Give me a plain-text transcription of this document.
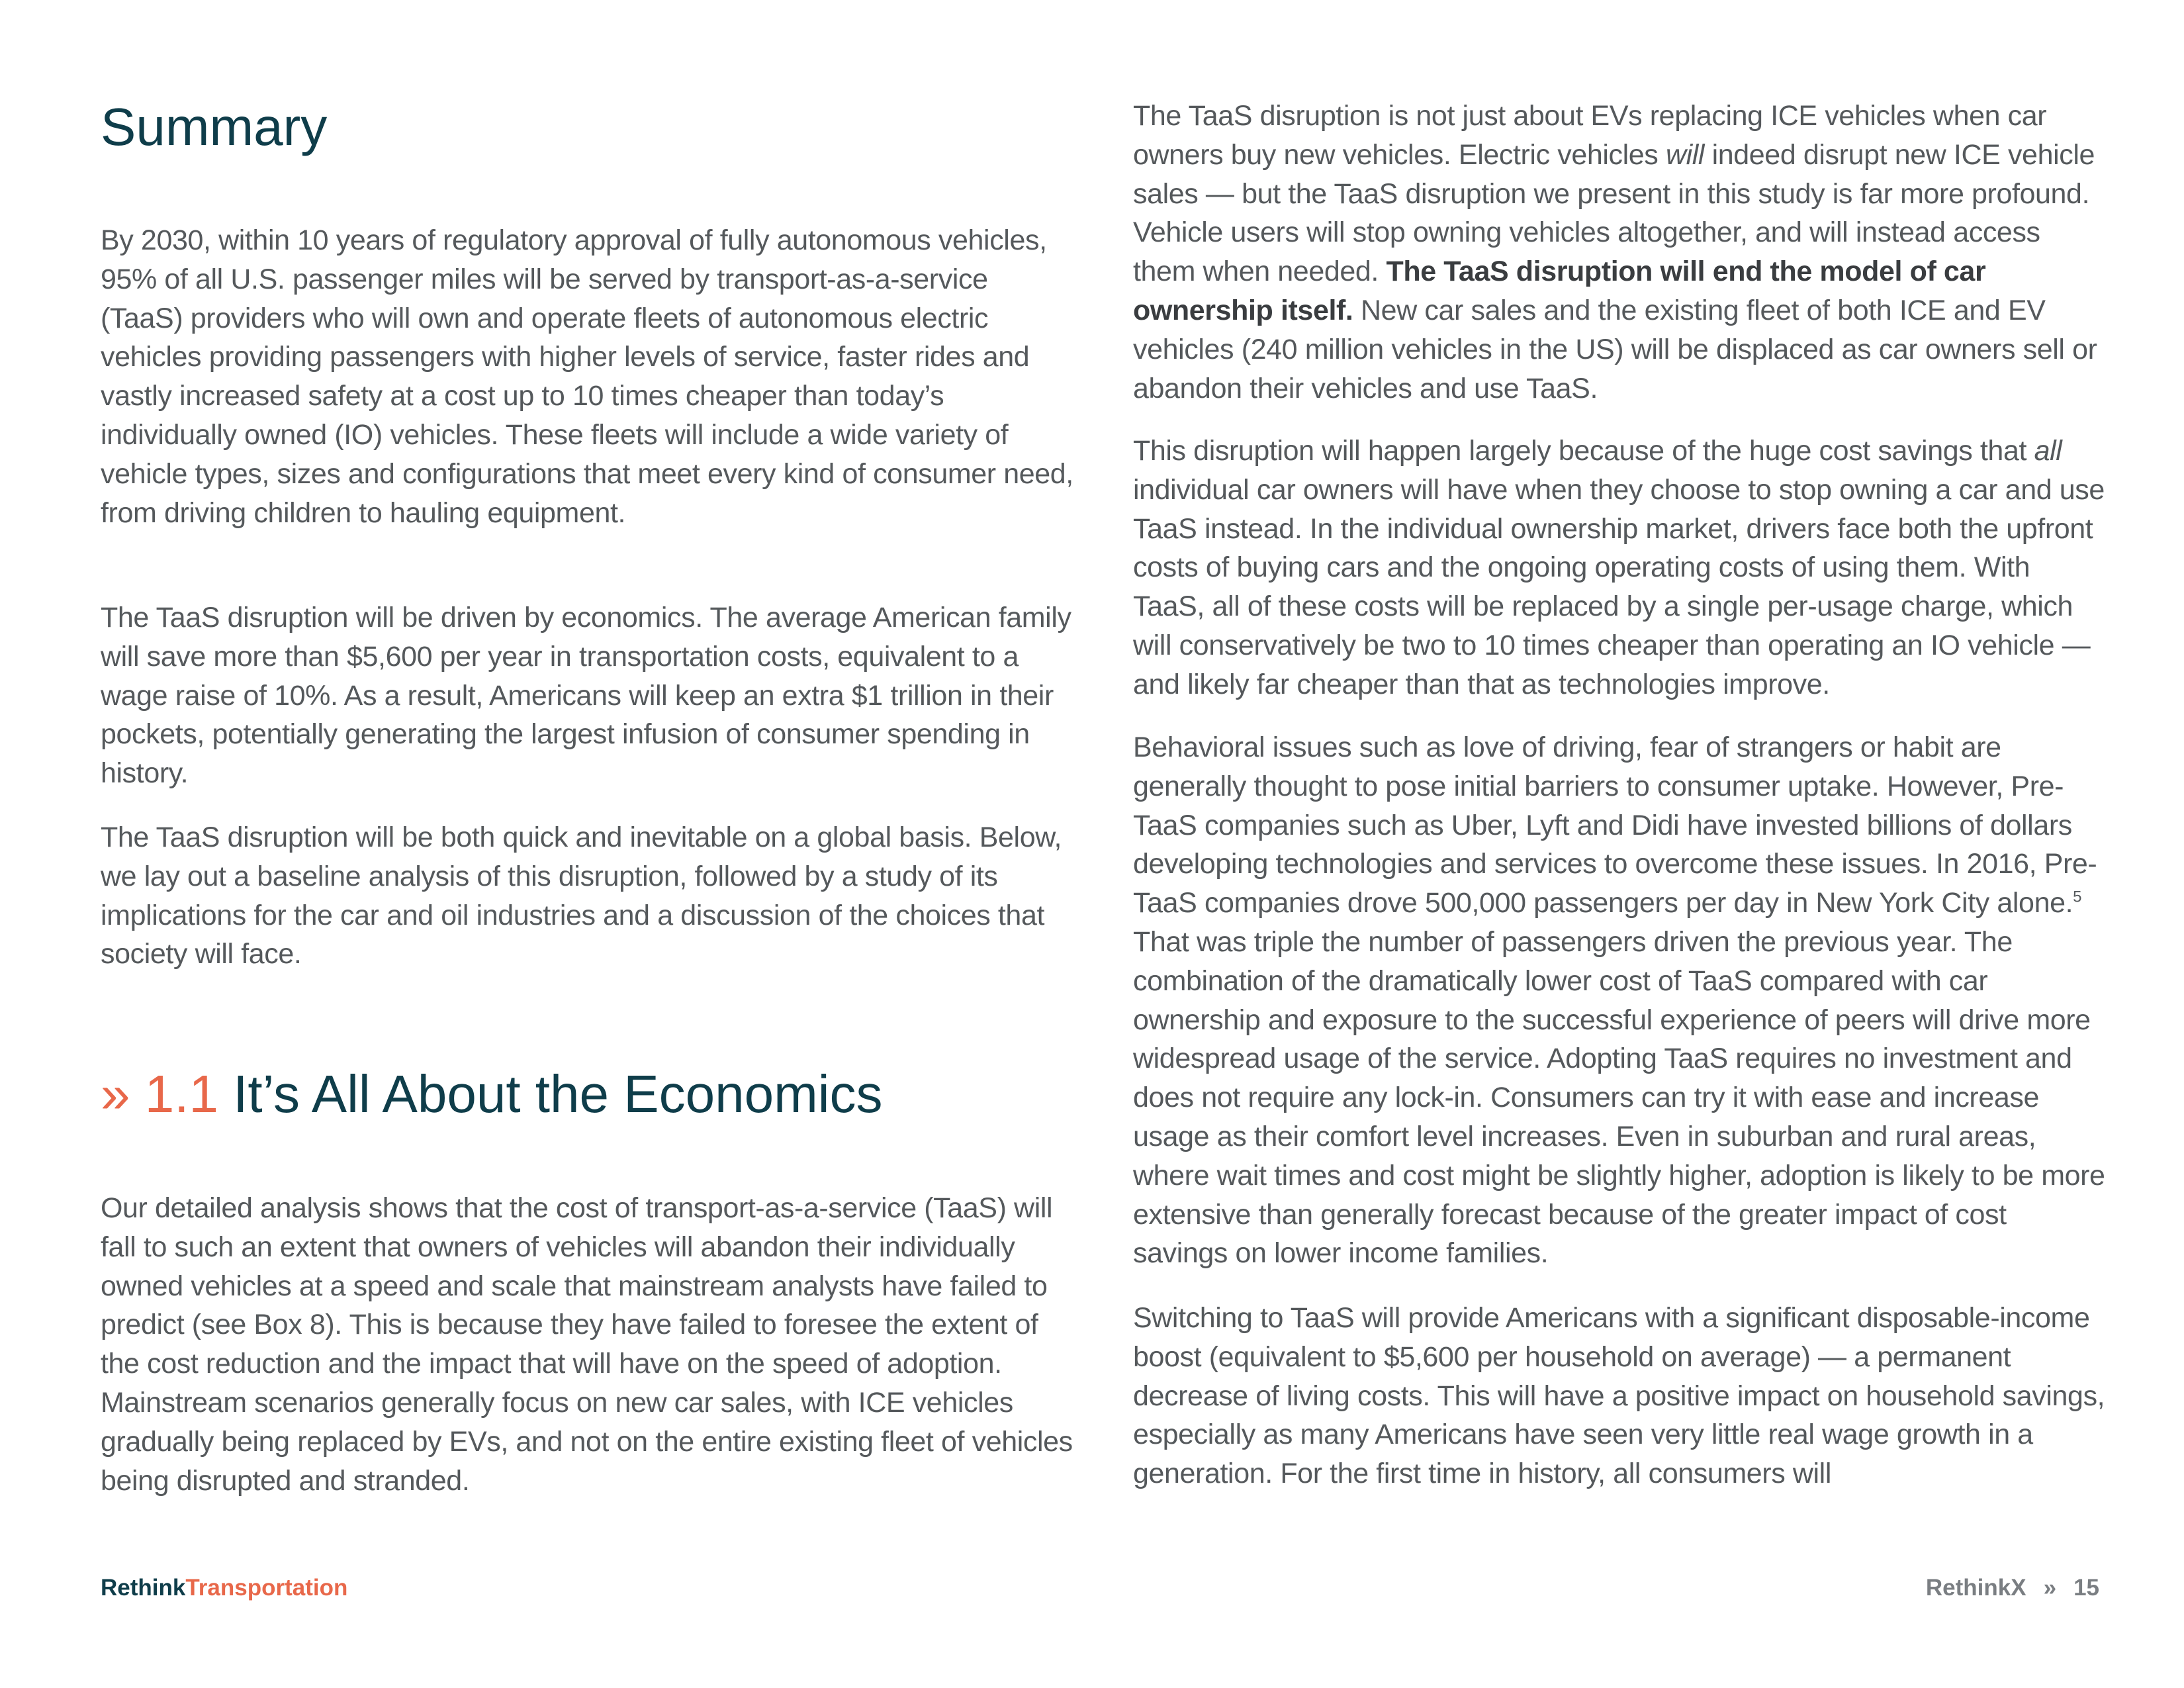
Summary

By 2030, within 10 years of regulatory approval of fully autonomous vehicles, 95% of all U.S. passenger miles will be served by transport-as-a-service (TaaS) providers who will own and operate fleets of autonomous electric vehicles providing passengers with higher levels of service, faster rides and vastly increased safety at a cost up to 10 times cheaper than today’s individually owned (IO) vehicles. These fleets will include a wide variety of vehicle types, sizes and configurations that meet every kind of consumer need, from driving children to hauling equipment.

The TaaS disruption will be driven by economics. The average American family will save more than $5,600 per year in transportation costs, equivalent to a wage raise of 10%. As a result, Americans will keep an extra $1 trillion in their pockets, potentially generating the largest infusion of consumer spending in history.

The TaaS disruption will be both quick and inevitable on a global basis. Below, we lay out a baseline analysis of this disruption, followed by a study of its implications for the car and oil industries and a discussion of the choices that society will face.

» 1.1 It’s All About the Economics

Our detailed analysis shows that the cost of transport-as-a-service (TaaS) will fall to such an extent that owners of vehicles will abandon their individually owned vehicles at a speed and scale that mainstream analysts have failed to predict (see Box 8). This is because they have failed to foresee the extent of the cost reduction and the impact that will have on the speed of adoption. Mainstream scenarios generally focus on new car sales, with ICE vehicles gradually being replaced by EVs, and not on the entire existing fleet of vehicles being disrupted and stranded.

The TaaS disruption is not just about EVs replacing ICE vehicles when car owners buy new vehicles. Electric vehicles will indeed disrupt new ICE vehicle sales — but the TaaS disruption we present in this study is far more profound. Vehicle users will stop owning vehicles altogether, and will instead access them when needed. The TaaS disruption will end the model of car ownership itself. New car sales and the existing fleet of both ICE and EV vehicles (240 million vehicles in the US) will be displaced as car owners sell or abandon their vehicles and use TaaS.

This disruption will happen largely because of the huge cost savings that all individual car owners will have when they choose to stop owning a car and use TaaS instead. In the individual ownership market, drivers face both the upfront costs of buying cars and the ongoing operating costs of using them. With TaaS, all of these costs will be replaced by a single per-usage charge, which will conservatively be two to 10 times cheaper than operating an IO vehicle — and likely far cheaper than that as technologies improve.

Behavioral issues such as love of driving, fear of strangers or habit are generally thought to pose initial barriers to consumer uptake. However, Pre-TaaS companies such as Uber, Lyft and Didi have invested billions of dollars developing technologies and services to overcome these issues. In 2016, Pre-TaaS companies drove 500,000 passengers per day in New York City alone.$^5$ That was triple the number of passengers driven the previous year. The combination of the dramatically lower cost of TaaS compared with car ownership and exposure to the successful experience of peers will drive more widespread usage of the service. Adopting TaaS requires no investment and does not require any lock-in. Consumers can try it with ease and increase usage as their comfort level increases. Even in suburban and rural areas, where wait times and cost might be slightly higher, adoption is likely to be more extensive than generally forecast because of the greater impact of cost savings on lower income families.

Switching to TaaS will provide Americans with a significant disposable-income boost (equivalent to $5,600 per household on average) — a permanent decrease of living costs. This will have a positive impact on household savings, especially as many Americans have seen very little real wage growth in a generation. For the first time in history, all consumers will

RethinkTransportation	RethinkX » 15
